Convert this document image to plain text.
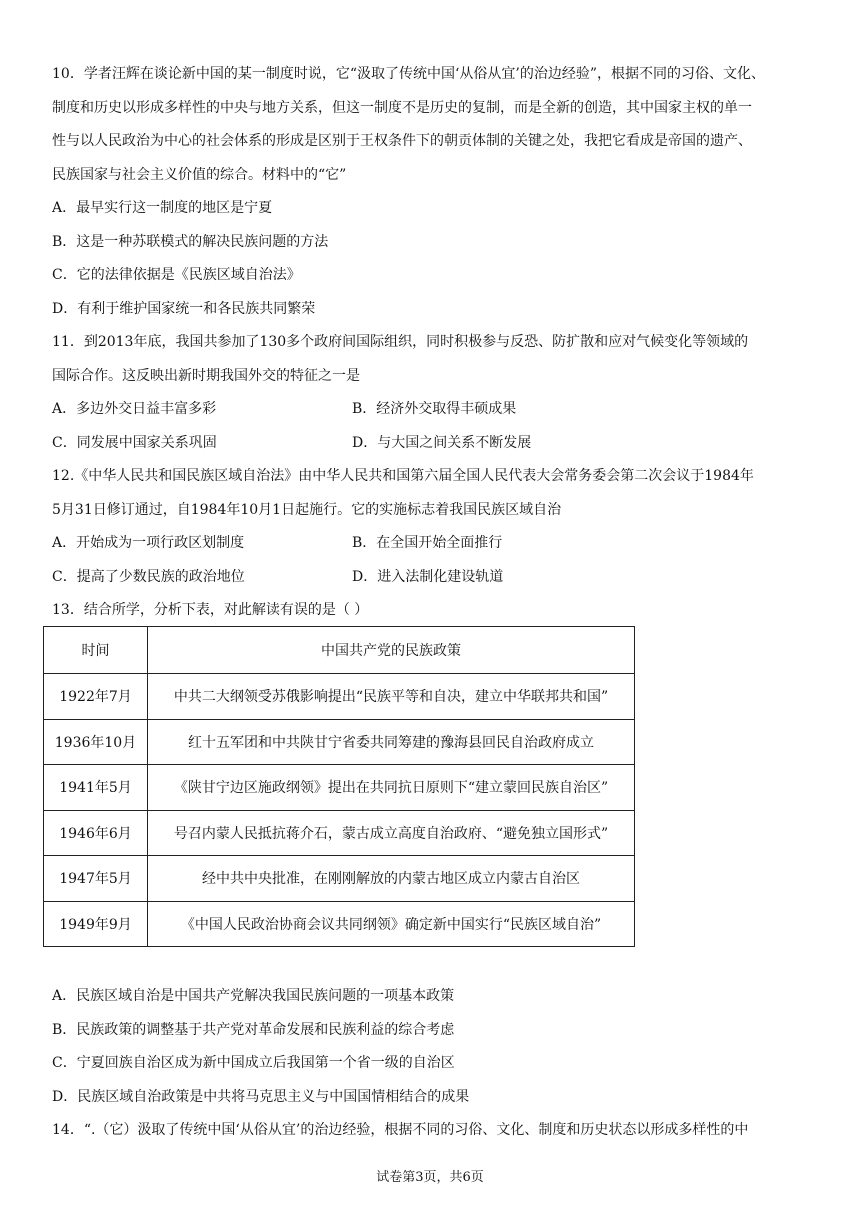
10．学者汪辉在谈论新中国的某一制度时说，它“汲取了传统中国‘从俗从宜’的治边经验”，根据不同的习俗、文化、
制度和历史以形成多样性的中央与地方关系，但这一制度不是历史的复制，而是全新的创造，其中国家主权的单一
性与以人民政治为中心的社会体系的形成是区别于王权条件下的朝贡体制的关键之处，我把它看成是帝国的遗产、
民族国家与社会主义价值的综合。材料中的“它”
A．最早实行这一制度的地区是宁夏
B．这是一种苏联模式的解决民族问题的方法
C．它的法律依据是《民族区域自治法》
D．有利于维护国家统一和各民族共同繁荣
11．到2013年底，我国共参加了130多个政府间国际组织，同时积极参与反恐、防扩散和应对气候变化等领域的
国际合作。这反映出新时期我国外交的特征之一是
A．多边外交日益丰富多彩	B．经济外交取得丰硕成果
C．同发展中国家关系巩固	D．与大国之间关系不断发展
12.《中华人民共和国民族区域自治法》由中华人民共和国第六届全国人民代表大会常务委会第二次会议于1984年
5月31日修订通过，自1984年10月1日起施行。它的实施标志着我国民族区域自治
A．开始成为一项行政区划制度	B．在全国开始全面推行
C．提高了少数民族的政治地位	D．进入法制化建设轨道
13．结合所学，分析下表，对此解读有误的是（ ）
时间	中国共产党的民族政策
1922年7月	中共二大纲领受苏俄影响提出“民族平等和自决，建立中华联邦共和国”
1936年10月	红十五军团和中共陕甘宁省委共同筹建的豫海县回民自治政府成立
1941年5月	《陕甘宁边区施政纲领》提出在共同抗日原则下“建立蒙回民族自治区”
1946年6月	号召内蒙人民抵抗蒋介石，蒙古成立高度自治政府、“避免独立国形式”
1947年5月	经中共中央批准，在刚刚解放的内蒙古地区成立内蒙古自治区
1949年9月	《中国人民政治协商会议共同纲领》确定新中国实行“民族区域自治”
A．民族区域自治是中国共产党解决我国民族问题的一项基本政策
B．民族政策的调整基于共产党对革命发展和民族利益的综合考虑
C．宁夏回族自治区成为新中国成立后我国第一个省一级的自治区
D．民族区域自治政策是中共将马克思主义与中国国情相结合的成果
14．“.（它）汲取了传统中国‘从俗从宜’的治边经验，根据不同的习俗、文化、制度和历史状态以形成多样性的中
试卷第3页，共6页
